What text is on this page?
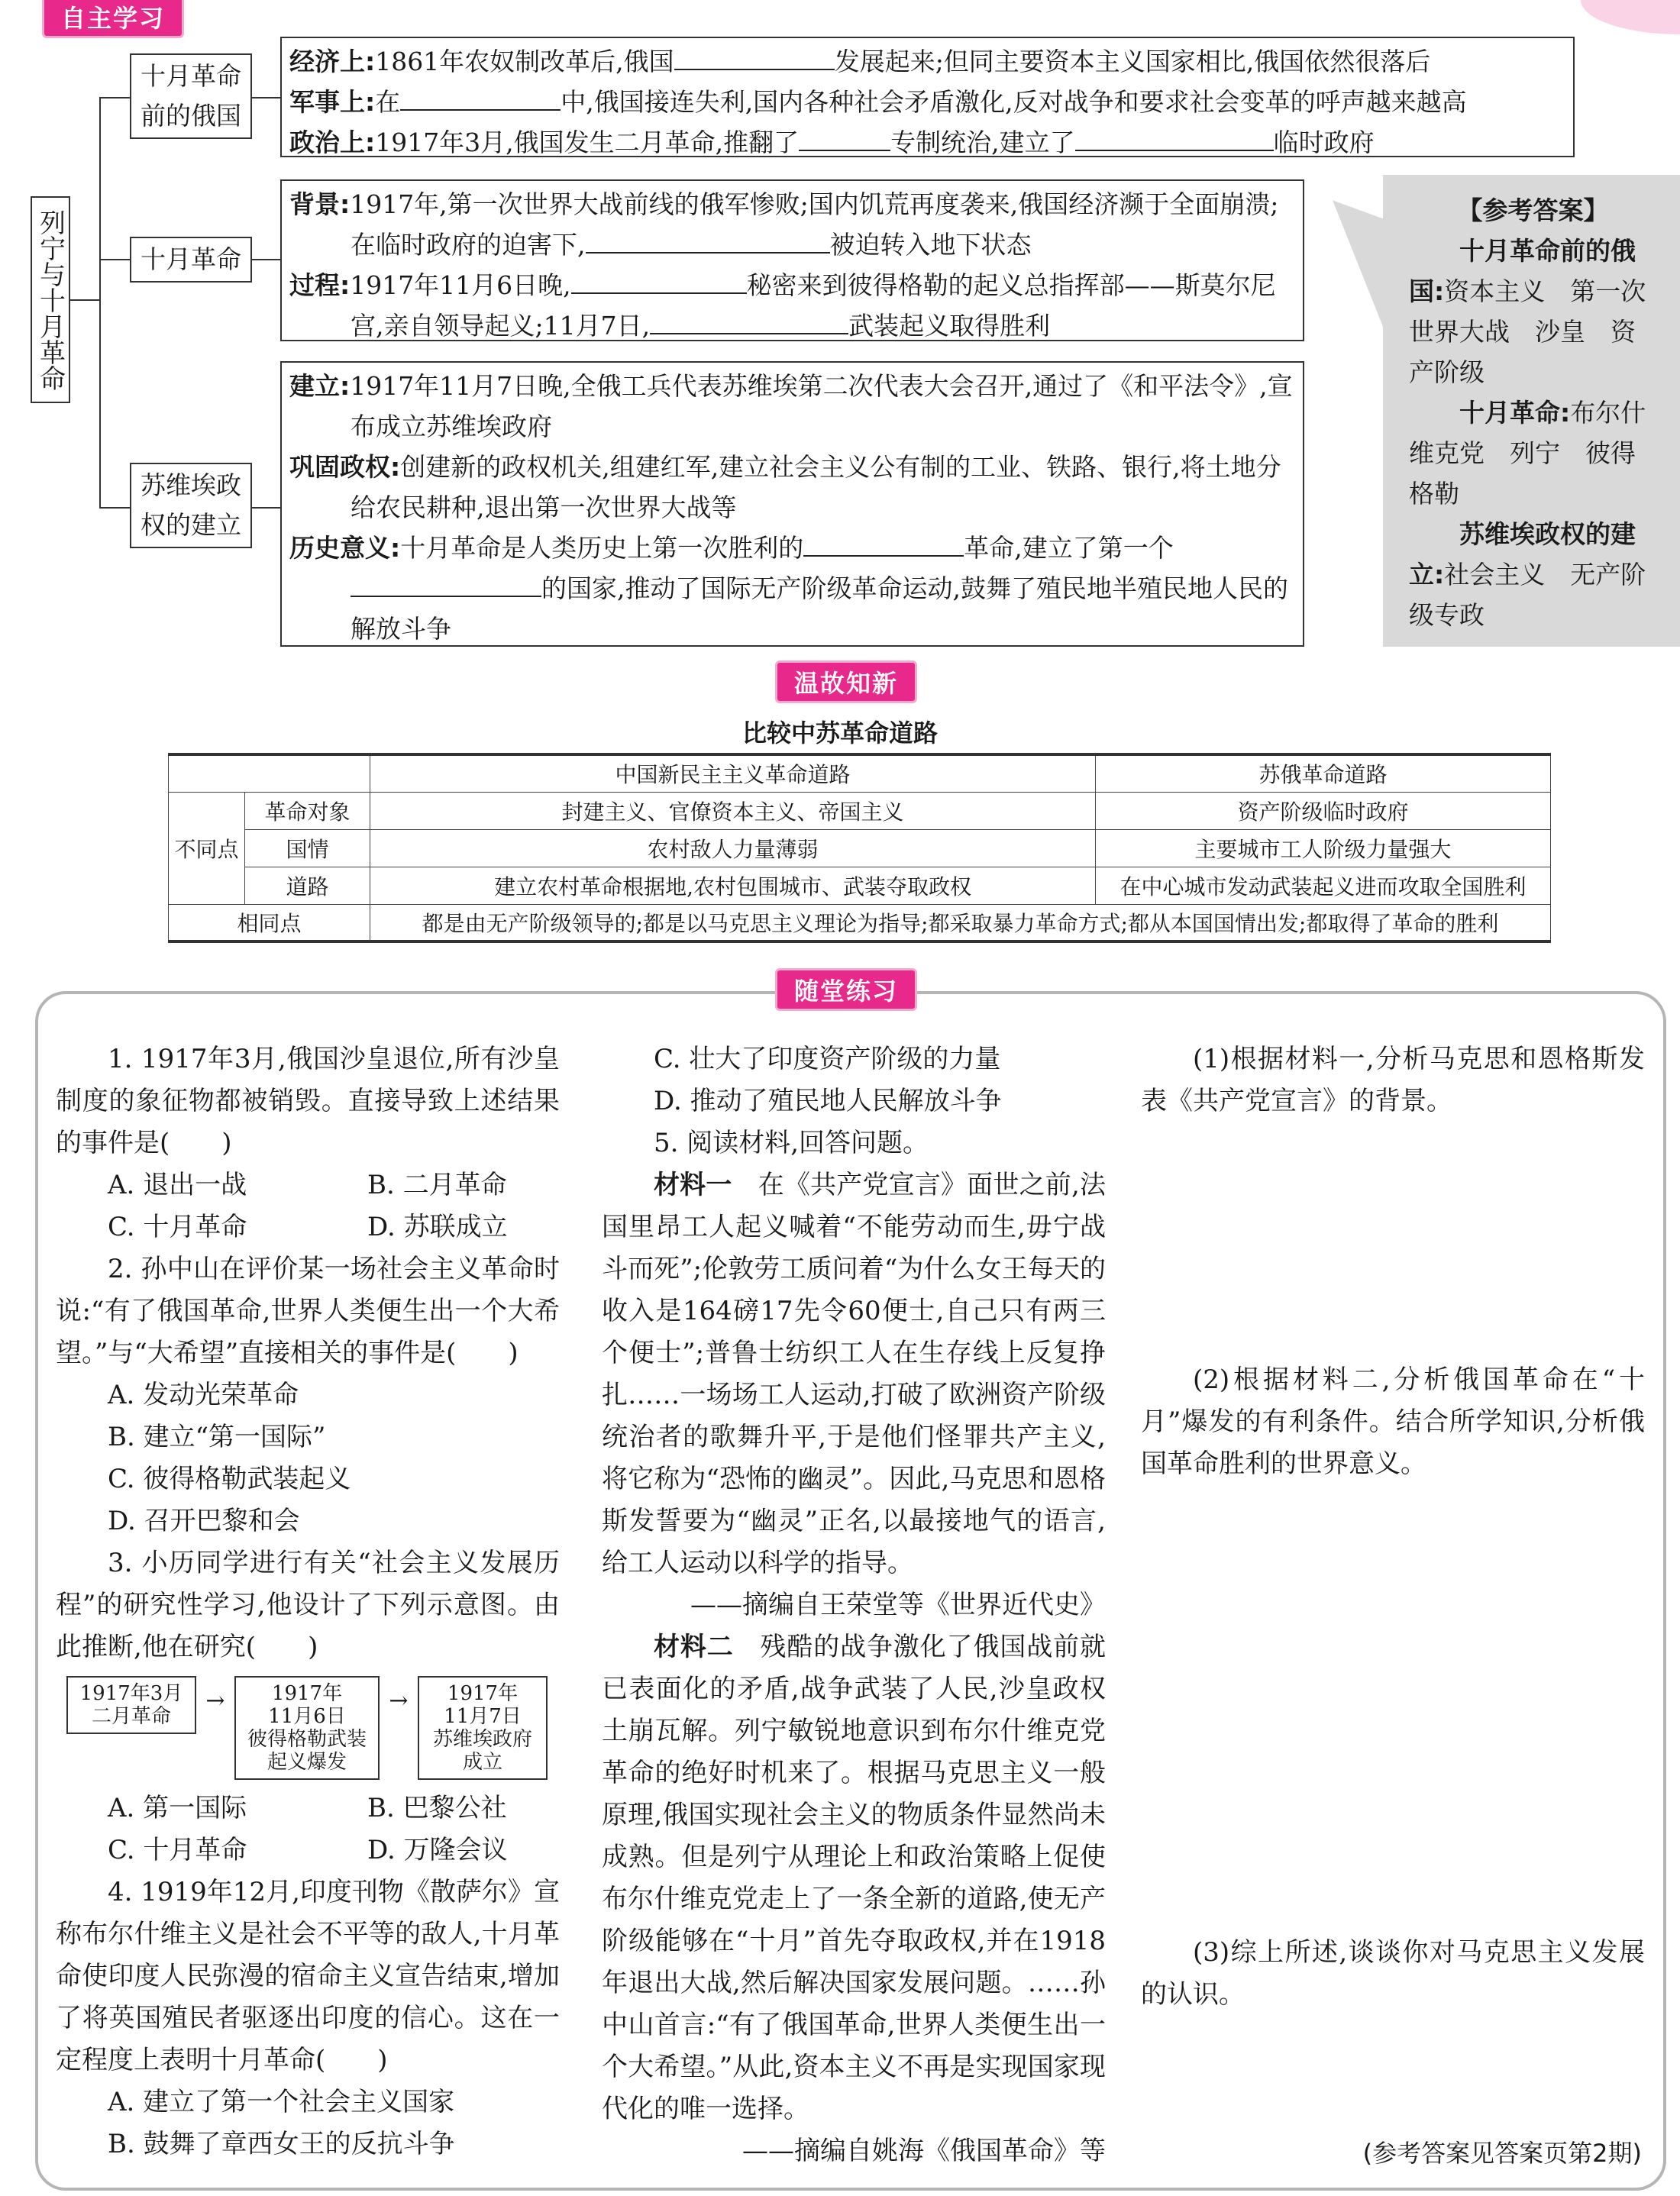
自主学习
列宁与十月革命
十月革命前的俄国
十月革命
苏维埃政权的建立

经济上:1861年农奴制改革后,俄国	发展起来;但同主要资本主义国家相比,俄国依然很落后

军事上:在	中,俄国接连失利,国内各种社会矛盾激化,反对战争和要求社会变革的呼声越来越高

政治上:1917年3月,俄国发生二月革命,推翻了	专制统治,建立了	临时政府

背景:1917年,第一次世界大战前线的俄军惨败;国内饥荒再度袭来,俄国经济濒于全面崩溃;在临时政府的迫害下,	被迫转入地下状态

过程:1917年11月6日晚,	秘密来到彼得格勒的起义总指挥部——斯莫尔尼宫,亲自领导起义;11月7日,	武装起义取得胜利

建立:1917年11月7日晚,全俄工兵代表苏维埃第二次代表大会召开,通过了《和平法令》,宣布成立苏维埃政府

巩固政权:创建新的政权机关,组建红军,建立社会主义公有制的工业、铁路、银行,将土地分给农民耕种,退出第一次世界大战等

历史意义:十月革命是人类历史上第一次胜利的	革命,建立了第一个的国家,推动了国际无产阶级革命运动,鼓舞了殖民地半殖民地人民的解放斗争

【参考答案】

十月革命前的俄国:资本主义　第一次世界大战　沙皇　资产阶级

十月革命:布尔什维克党　列宁　彼得格勒

苏维埃政权的建立:社会主义　无产阶级专政

温故知新
比较中苏革命道路
		中国新民主主义革命道路	苏俄革命道路
不同点	革命对象	封建主义、官僚资本主义、帝国主义	资产阶级临时政府
	国情	农村敌人力量薄弱	主要城市工人阶级力量强大
	道路	建立农村革命根据地,农村包围城市、武装夺取政权	在中心城市发动武装起义进而攻取全国胜利
相同点		都是由无产阶级领导的;都是以马克思主义理论为指导;都采取暴力革命方式;都从本国国情出发;都取得了革命的胜利	
随堂练习

1. 1917年3月,俄国沙皇退位,所有沙皇制度的象征物都被销毁。直接导致上述结果的事件是(　　)

A. 退出一战	B. 二月革命
C. 十月革命	D. 苏联成立

2. 孙中山在评价某一场社会主义革命时说:“有了俄国革命,世界人类便生出一个大希望。”与“大希望”直接相关的事件是(　　)

A. 发动光荣革命
B. 建立“第一国际”
C. 彼得格勒武装起义
D. 召开巴黎和会

3. 小历同学进行有关“社会主义发展历程”的研究性学习,他设计了下列示意图。由此推断,他在研究(　　)

1917年3月
二月革命
→	1917年
11月6日
彼得格勒武装
起义爆发
→	1917年
11月7日
苏维埃政府
成立
A. 第一国际	B. 巴黎公社
C. 十月革命	D. 万隆会议

4. 1919年12月,印度刊物《散萨尔》宣称布尔什维主义是社会不平等的敌人,十月革命使印度人民弥漫的宿命主义宣告结束,增加了将英国殖民者驱逐出印度的信心。这在一定程度上表明十月革命(　　)

A. 建立了第一个社会主义国家
B. 鼓舞了章西女王的反抗斗争
C. 壮大了印度资产阶级的力量
D. 推动了殖民地人民解放斗争

5. 阅读材料,回答问题。

材料一　 在《共产党宣言》面世之前,法国里昂工人起义喊着“不能劳动而生,毋宁战斗而死”;伦敦劳工质问着“为什么女王每天的收入是164磅17先令60便士,自己只有两三个便士”;普鲁士纺织工人在生存线上反复挣扎……一场场工人运动,打破了欧洲资产阶级统治者的歌舞升平,于是他们怪罪共产主义,将它称为“恐怖的幽灵”。因此,马克思和恩格斯发誓要为“幽灵”正名,以最接地气的语言,给工人运动以科学的指导。

——摘编自王荣堂等《世界近代史》

材料二　 残酷的战争激化了俄国战前就已表面化的矛盾,战争武装了人民,沙皇政权土崩瓦解。列宁敏锐地意识到布尔什维克党革命的绝好时机来了。根据马克思主义一般原理,俄国实现社会主义的物质条件显然尚未成熟。但是列宁从理论上和政治策略上促使布尔什维克党走上了一条全新的道路,使无产阶级能够在“十月”首先夺取政权,并在1918年退出大战,然后解决国家发展问题。……孙中山首言:“有了俄国革命,世界人类便生出一个大希望。”从此,资本主义不再是实现国家现代化的唯一选择。

——摘编自姚海《俄国革命》等

(1)根据材料一,分析马克思和恩格斯发表《共产党宣言》的背景。

(2)根据材料二,分析俄国革命在“十月”爆发的有利条件。结合所学知识,分析俄国革命胜利的世界意义。

(3)综上所述,谈谈你对马克思主义发展的认识。

(参考答案见答案页第2期)
